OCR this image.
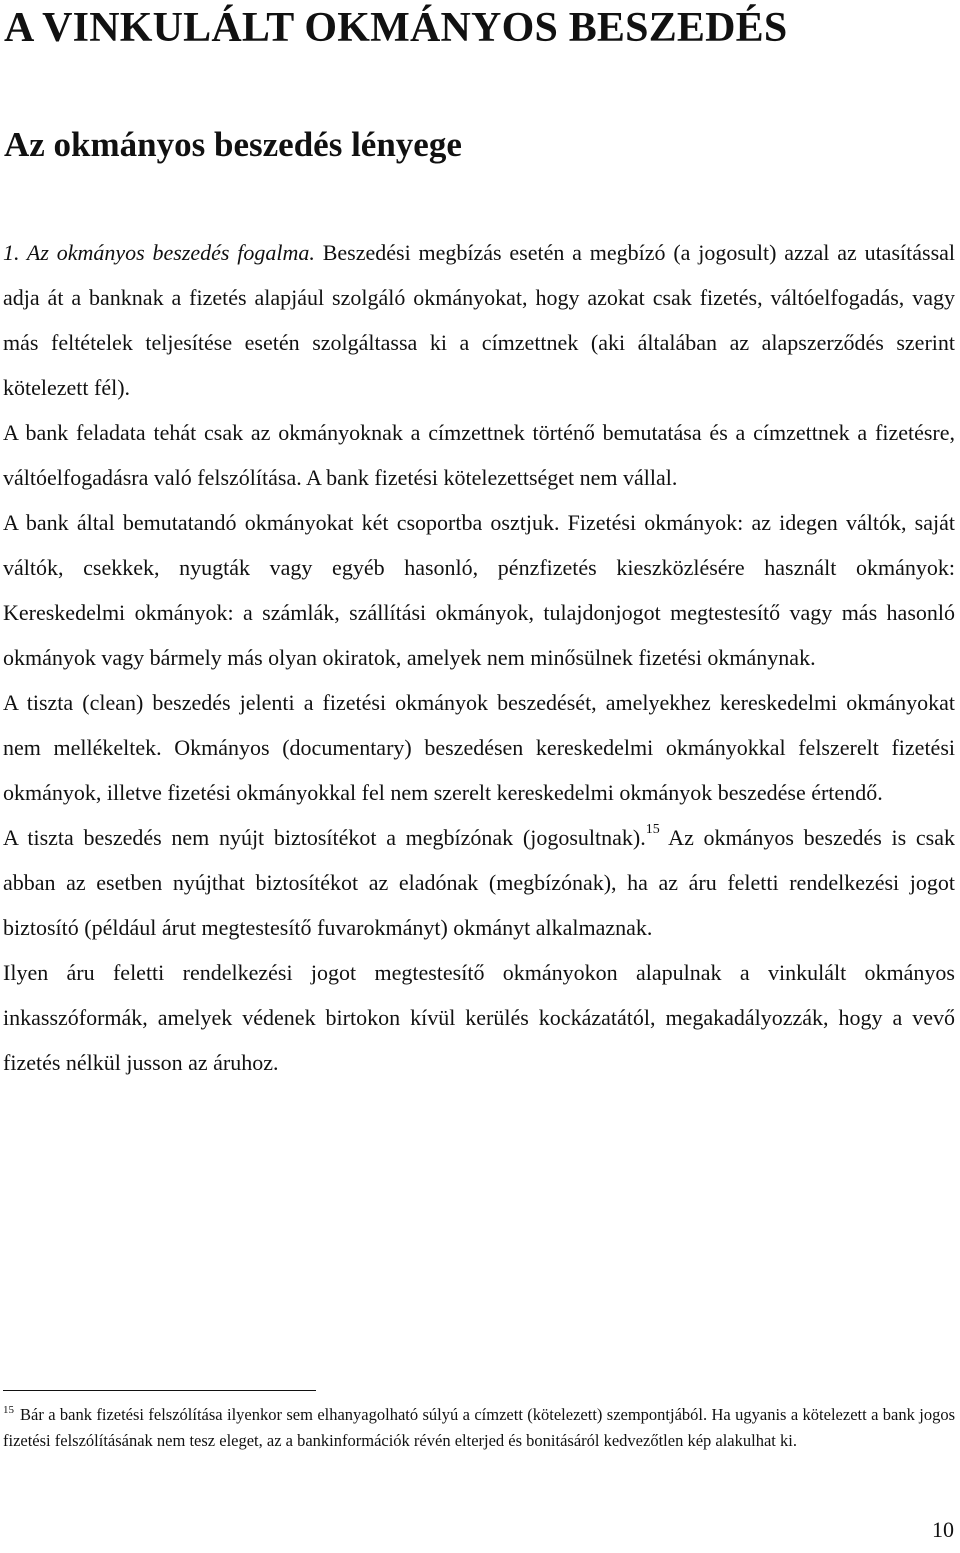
A VINKULÁLT OKMÁNYOS BESZEDÉS
Az okmányos beszedés lényege

1. Az okmányos beszedés fogalma. Beszedési megbízás esetén a megbízó (a jogosult) azzal az utasítással adja át a banknak a fizetés alapjául szolgáló okmányokat, hogy azokat csak fizetés, váltóelfogadás, vagy más feltételek teljesítése esetén szolgáltassa ki a címzettnek (aki általában az alapszerződés szerint kötelezett fél).

A bank feladata tehát csak az okmányoknak a címzettnek történő bemutatása és a címzettnek a fizetésre, váltóelfogadásra való felszólítása. A bank fizetési kötelezettséget nem vállal.

A bank által bemutatandó okmányokat két csoportba osztjuk. Fizetési okmányok: az idegen váltók, saját váltók, csekkek, nyugták vagy egyéb hasonló, pénzfizetés kieszközlésére használt okmányok: Kereskedelmi okmányok: a számlák, szállítási okmányok, tulajdonjogot megtestesítő vagy más hasonló okmányok vagy bármely más olyan okiratok, amelyek nem minősülnek fizetési okmánynak.

A tiszta (clean) beszedés jelenti a fizetési okmányok beszedését, amelyekhez kereskedelmi okmányokat nem mellékeltek. Okmányos (documentary) beszedésen kereskedelmi okmányokkal felszerelt fizetési okmányok, illetve fizetési okmányokkal fel nem szerelt kereskedelmi okmányok beszedése értendő.

A tiszta beszedés nem nyújt biztosítékot a megbízónak (jogosultnak).$^{15}$ Az okmányos beszedés is csak abban az esetben nyújthat biztosítékot az eladónak (megbízónak), ha az áru feletti rendelkezési jogot biztosító (például árut megtestesítő fuvarokmányt) okmányt alkalmaznak.

Ilyen áru feletti rendelkezési jogot megtestesítő okmányokon alapulnak a vinkulált okmányos inkasszóformák, amelyek védenek birtokon kívül kerülés kockázatától, megakadályozzák, hogy a vevő fizetés nélkül jusson az áruhoz.

$^{15}$ Bár a bank fizetési felszólítása ilyenkor sem elhanyagolható súlyú a címzett (kötelezett) szempontjából. Ha ugyanis a kötelezett a bank jogos fizetési felszólításának nem tesz eleget, az a bankinformációk révén elterjed és bonitásáról kedvezőtlen kép alakulhat ki.
10
